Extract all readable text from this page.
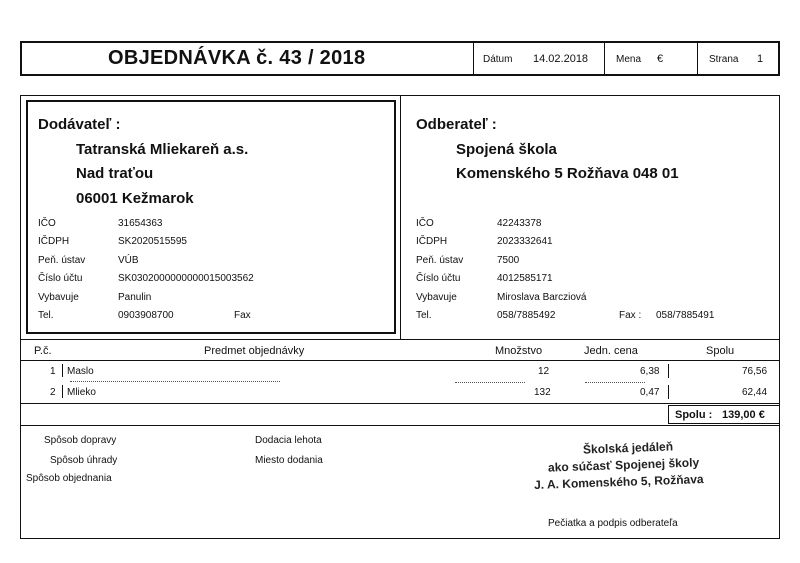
OBJEDNÁVKA č. 43 / 2018	Dátum 14.02.2018	Mena €	Strana 1
Dodávateľ :
Tatranská Mliekareň a.s.
Nad traťou
06001 Kežmarok
IČO	31654363
IČDPH	SK2020515595
Peň. ústav	VÚB
Číslo účtu	SK0302000000000015003562
Vybavuje	Panulin
Tel.	0903908700	Fax
Odberateľ :
Spojená škola
Komenského 5 Rožňava 048 01
IČO	42243378
IČDPH	2023332641
Peň. ústav	7500
Číslo účtu	4012585171
Vybavuje	Miroslava Barcziová
Tel.	058/7885492	Fax : 058/7885491
P.č.	Predmet objednávky	Množstvo	Jedn. cena	Spolu
1 Maslo	12	6,38	76,56
2 Mlieko	132	0,47	62,44
Spolu : 139,00 €
Spôsob dopravy
Spôsob úhrady
Spôsob objednania
Dodacia lehota
Miesto dodania
Školská jedáleň
ako súčasť Spojenej školy
J. A. Komenského 5, Rožňava
Pečiatka a podpis odberateľa
